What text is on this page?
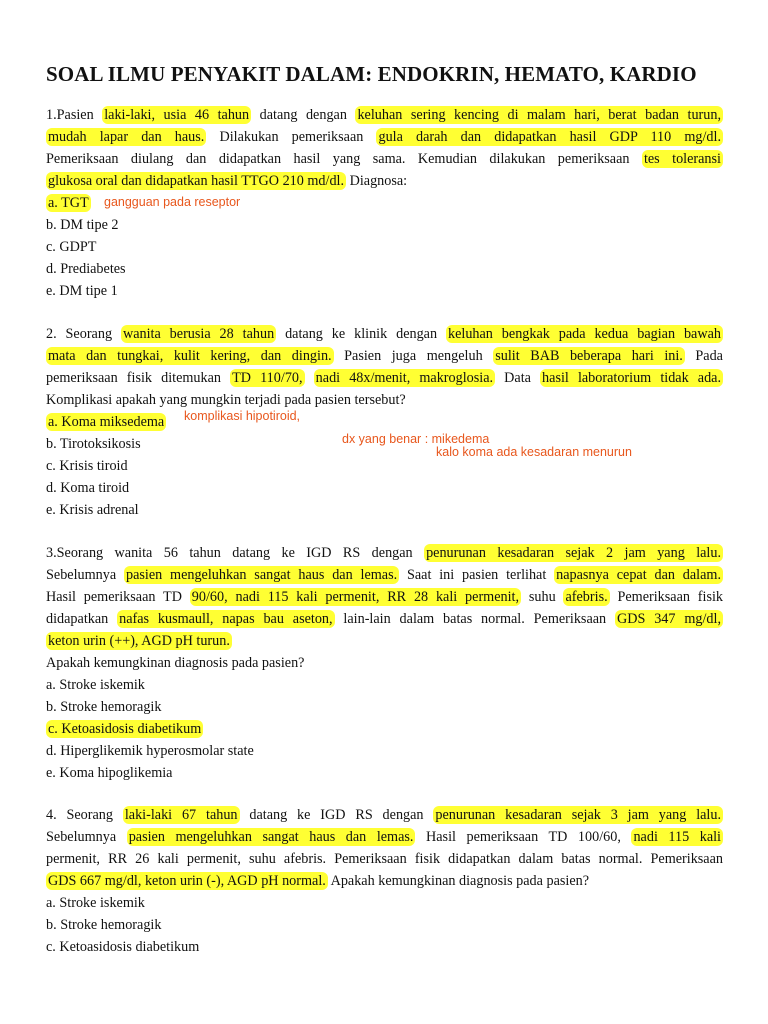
SOAL ILMU PENYAKIT DALAM: ENDOKRIN, HEMATO, KARDIO
1.Pasien laki-laki, usia 46 tahun datang dengan keluhan sering kencing di malam hari, berat badan turun,
mudah lapar dan haus. Dilakukan pemeriksaan gula darah dan didapatkan hasil GDP 110 mg/dl.
Pemeriksaan diulang dan didapatkan hasil yang sama. Kemudian dilakukan pemeriksaan tes toleransi
glukosa oral dan didapatkan hasil TTGO 210 md/dl. Diagnosa:
a. TGT gangguan pada reseptor
b. DM tipe 2
c. GDPT
d. Prediabetes
e. DM tipe 1
2. Seorang wanita berusia 28 tahun datang ke klinik dengan keluhan bengkak pada kedua bagian bawah
mata dan tungkai, kulit kering, dan dingin. Pasien juga mengeluh sulit BAB beberapa hari ini. Pada
pemeriksaan fisik ditemukan TD 110/70, nadi 48x/menit, makroglosia. Data hasil laboratorium tidak ada.
Komplikasi apakah yang mungkin terjadi pada pasien tersebut?
a. Koma miksedema komplikasi hipotiroid,
dx yang benar : mikedema
kalo koma ada kesadaran menurun
b. Tirotoksikosis
c. Krisis tiroid
d. Koma tiroid
e. Krisis adrenal
3.Seorang wanita 56 tahun datang ke IGD RS dengan penurunan kesadaran sejak 2 jam yang lalu.
Sebelumnya pasien mengeluhkan sangat haus dan lemas. Saat ini pasien terlihat napasnya cepat dan dalam.
Hasil pemeriksaan TD 90/60, nadi 115 kali permenit, RR 28 kali permenit, suhu afebris. Pemeriksaan fisik
didapatkan nafas kusmaull, napas bau aseton, lain-lain dalam batas normal. Pemeriksaan GDS 347 mg/dl,
keton urin (++), AGD pH turun.
Apakah kemungkinan diagnosis pada pasien?
a. Stroke iskemik
b. Stroke hemoragik
c. Ketoasidosis diabetikum
d. Hiperglikemik hyperosmolar state
e. Koma hipoglikemia
4. Seorang laki-laki 67 tahun datang ke IGD RS dengan penurunan kesadaran sejak 3 jam yang lalu.
Sebelumnya pasien mengeluhkan sangat haus dan lemas. Hasil pemeriksaan TD 100/60, nadi 115 kali
permenit, RR 26 kali permenit, suhu afebris. Pemeriksaan fisik didapatkan dalam batas normal. Pemeriksaan
GDS 667 mg/dl, keton urin (-), AGD pH normal. Apakah kemungkinan diagnosis pada pasien?
a. Stroke iskemik
b. Stroke hemoragik
c. Ketoasidosis diabetikum
